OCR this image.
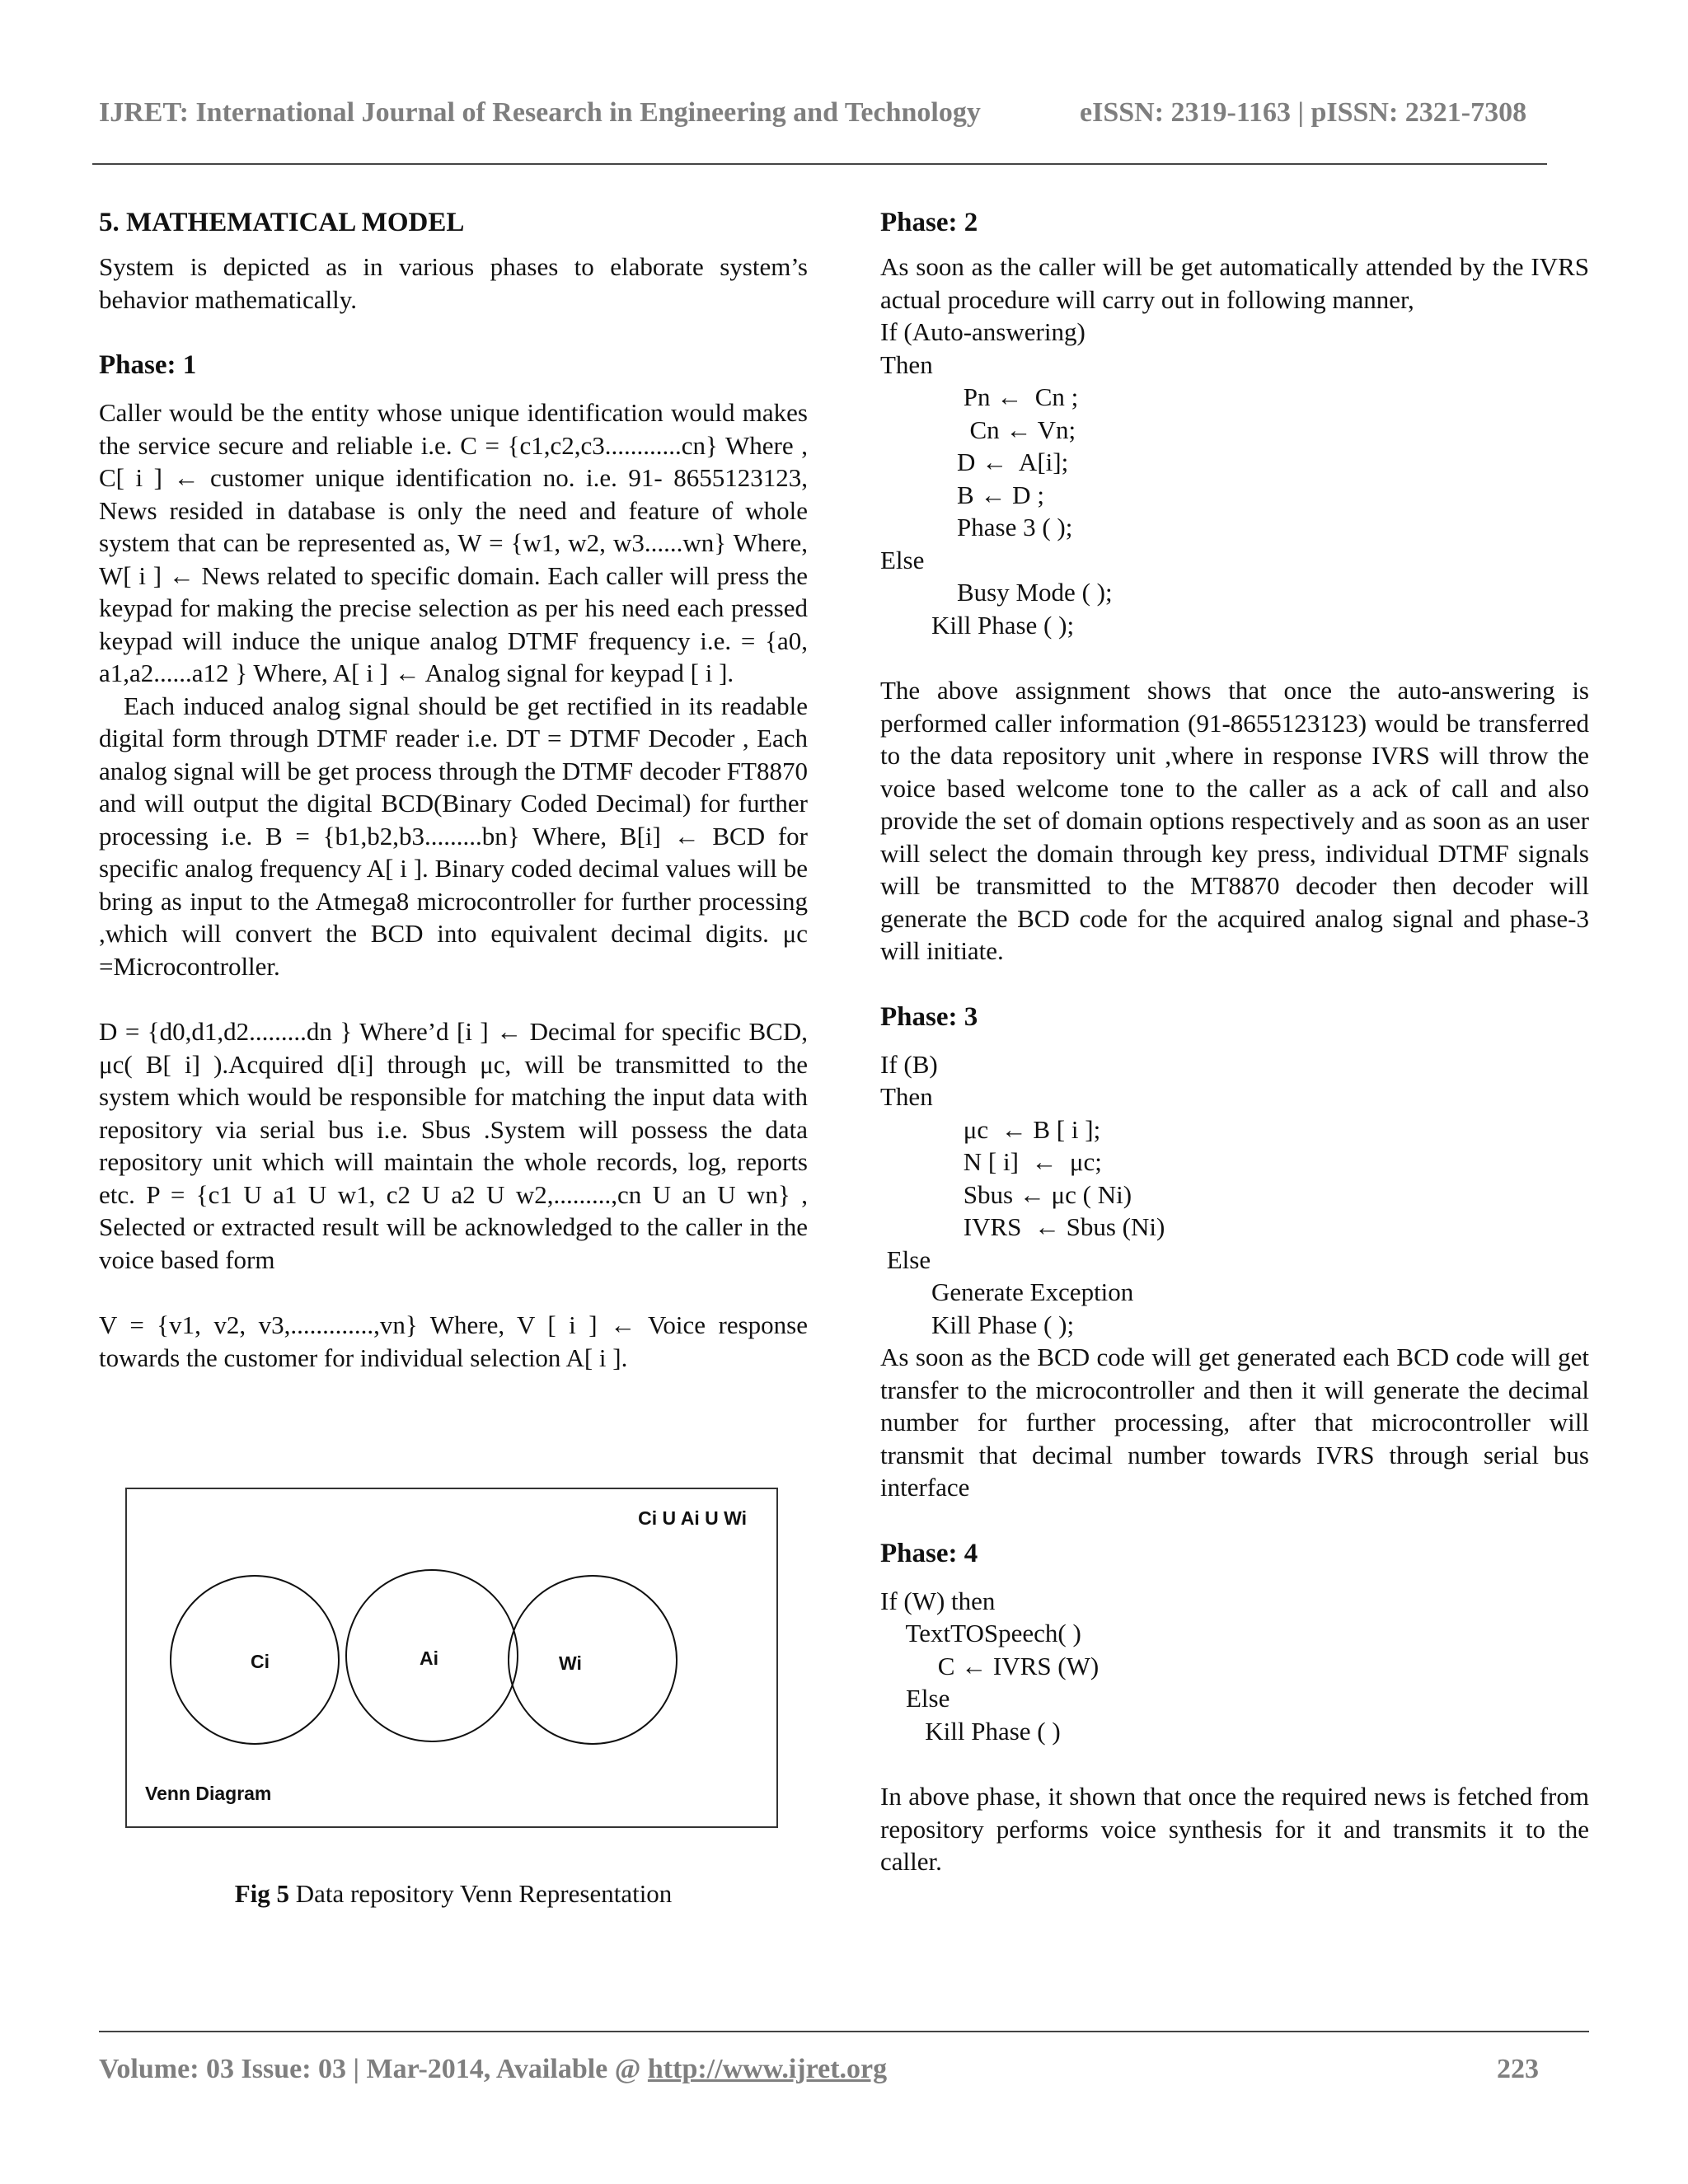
IJRET: International Journal of Research in Engineering and Technology	eISSN: 2319-1163 | pISSN: 2321-7308
5. MATHEMATICAL MODEL

System is depicted as in various phases to elaborate system’s behavior mathematically.

Phase: 1

Caller would be the entity whose unique identification would makes the service secure and reliable i.e. C = {c1,c2,c3............cn} Where , C[ i ] ← customer unique identification no. i.e. 91- 8655123123, News resided in database is only the need and feature of whole system that can be represented as, W = {w1, w2, w3......wn} Where, W[ i ] ← News related to specific domain. Each caller will press the keypad for making the precise selection as per his need each pressed keypad will induce the unique analog DTMF frequency i.e. = {a0, a1,a2......a12 } Where, A[ i ] ← Analog signal for keypad [ i ].

Each induced analog signal should be get rectified in its readable digital form through DTMF reader i.e. DT = DTMF Decoder , Each analog signal will be get process through the DTMF decoder FT8870 and will output the digital BCD(Binary Coded Decimal) for further processing i.e. B = {b1,b2,b3.........bn} Where, B[i] ← BCD for specific analog frequency A[ i ]. Binary coded decimal values will be bring as input to the Atmega8 microcontroller for further processing ,which will convert the BCD into equivalent decimal digits. μc =Microcontroller.

D = {d0,d1,d2.........dn } Where’d [i ] ← Decimal for specific BCD, μc( B[ i] ).Acquired d[i] through μc, will be transmitted to the system which would be responsible for matching the input data with repository via serial bus i.e. Sbus .System will possess the data repository unit which will maintain the whole records, log, reports etc. P = {c1 U a1 U w1, c2 U a2 U w2,.........,cn U an U wn} , Selected or extracted result will be acknowledged to the caller in the voice based form

V = {v1, v2, v3,.............,vn} Where, V [ i ] ← Voice response towards the customer for individual selection A[ i ].

Ci U Ai U Wi
Ci	Ai	Wi
Venn Diagram
Fig 5 Data repository Venn Representation
Phase: 2

As soon as the caller will be get automatically attended by the IVRS actual procedure will carry out in following manner,

If (Auto-answering)
Then
Pn ←  Cn ;
Cn ← Vn;
D ←  A[i];
B ← D ;
Phase 3 ( );
Else
Busy Mode ( );
Kill Phase ( );

The above assignment shows that once the auto-answering is performed caller information (91-8655123123) would be transferred to the data repository unit ,where in response IVRS will throw the voice based welcome tone to the caller as a ack of call and also provide the set of domain options respectively and as soon as an user will select the domain through key press, individual DTMF signals will be transmitted to the MT8870 decoder then decoder will generate the BCD code for the acquired analog signal and phase-3 will initiate.

Phase: 3
If (B)
Then
μc  ← B [ i ];
N [ i]  ←  μc;
Sbus ← μc ( Ni)
IVRS  ← Sbus (Ni)
Else
Generate Exception
Kill Phase ( );

As soon as the BCD code will get generated each BCD code will get transfer to the microcontroller and then it will generate the decimal number for further processing, after that microcontroller will transmit that decimal number towards IVRS through serial bus interface

Phase: 4
If (W) then
TextTOSpeech( )
C ← IVRS (W)
Else
Kill Phase ( )

In above phase, it shown that once the required news is fetched from repository performs voice synthesis for it and transmits it to the caller.

Volume: 03 Issue: 03 | Mar-2014, Available @ http://www.ijret.org	223
